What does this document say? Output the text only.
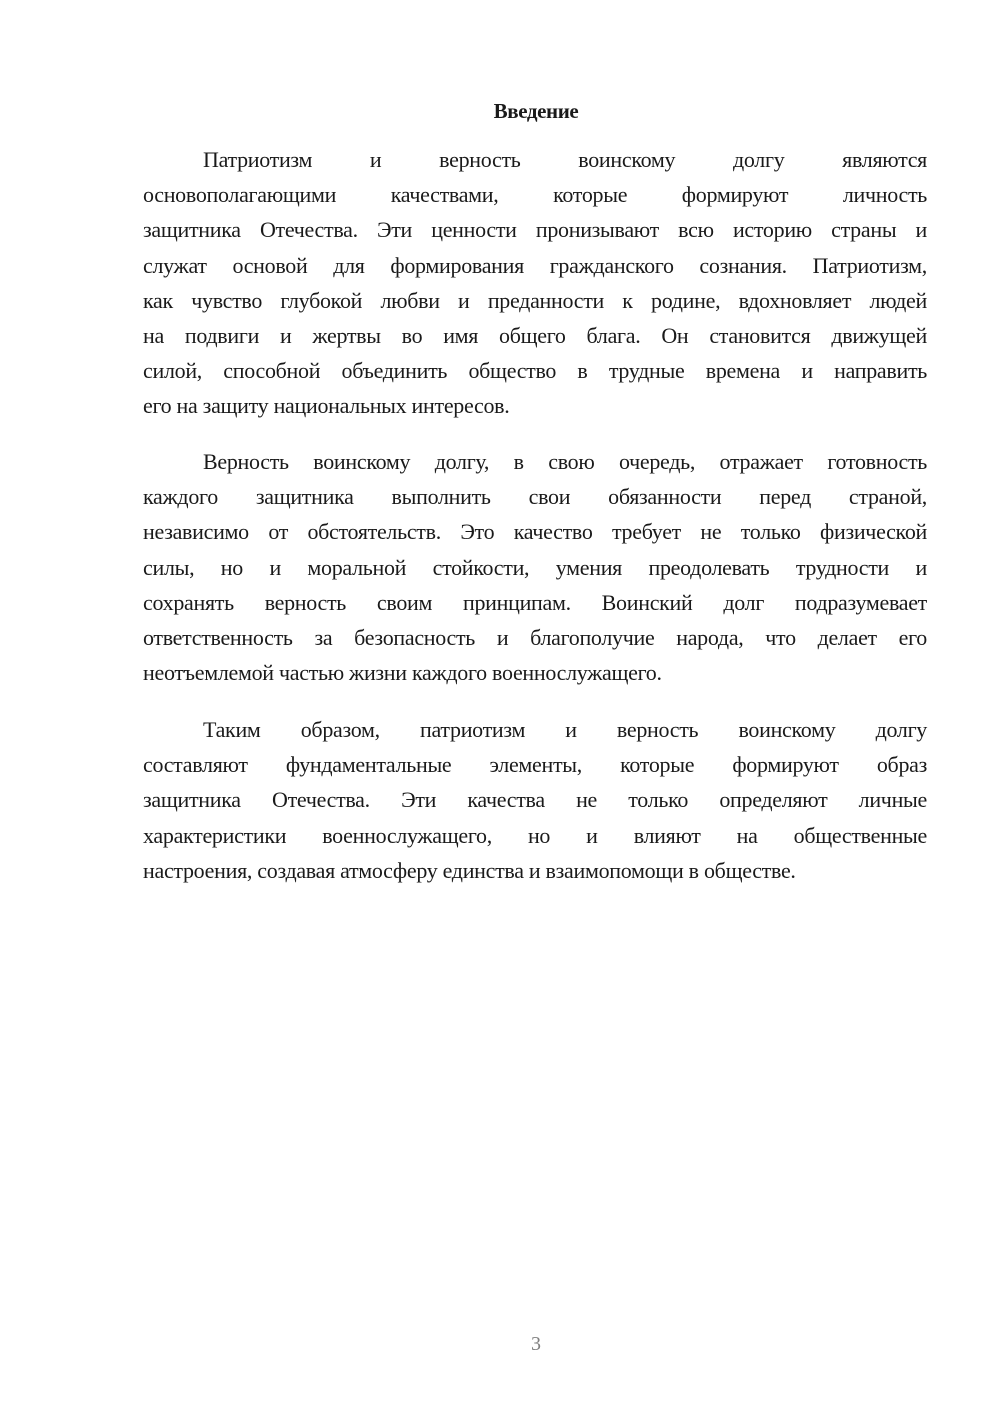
Введение
Патриотизм и верность воинскому долгу являются
основополагающими качествами, которые формируют личность
защитника Отечества. Эти ценности пронизывают всю историю страны и
служат основой для формирования гражданского сознания. Патриотизм,
как чувство глубокой любви и преданности к родине, вдохновляет людей
на подвиги и жертвы во имя общего блага. Он становится движущей
силой, способной объединить общество в трудные времена и направить
его на защиту национальных интересов.
Верность воинскому долгу, в свою очередь, отражает готовность
каждого защитника выполнить свои обязанности перед страной,
независимо от обстоятельств. Это качество требует не только физической
силы, но и моральной стойкости, умения преодолевать трудности и
сохранять верность своим принципам. Воинский долг подразумевает
ответственность за безопасность и благополучие народа, что делает его
неотъемлемой частью жизни каждого военнослужащего.
Таким образом, патриотизм и верность воинскому долгу
составляют фундаментальные элементы, которые формируют образ
защитника Отечества. Эти качества не только определяют личные
характеристики военнослужащего, но и влияют на общественные
настроения, создавая атмосферу единства и взаимопомощи в обществе.
3
